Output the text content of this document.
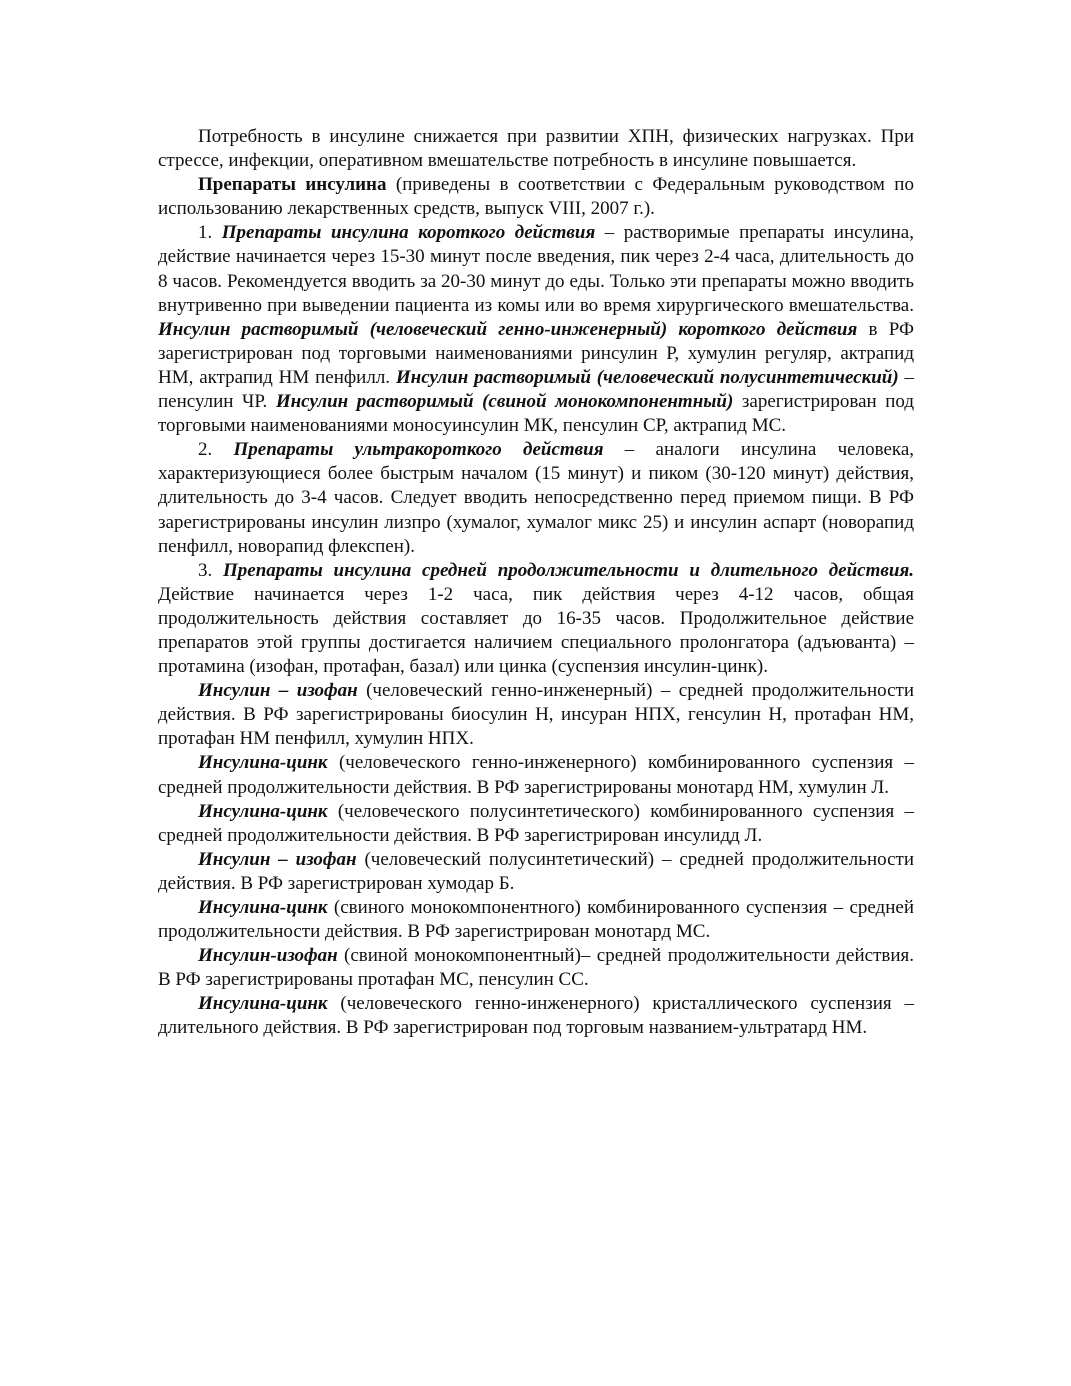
Потребность в инсулине снижается при развитии ХПН, физических нагрузках. При стрессе, инфекции, оперативном вмешательстве потребность в инсулине повышается.

Препараты инсулина (приведены в соответствии с Федеральным руководством по использованию лекарственных средств, выпуск VIII, 2007 г.).

1. Препараты инсулина короткого действия – растворимые препараты инсулина, действие начинается через 15-30 минут после введения, пик через 2-4 часа, длительность до 8 часов. Рекомендуется вводить за 20-30 минут до еды. Только эти препараты можно вводить внутривенно при выведении пациента из комы или во время хирургического вмешательства. Инсулин растворимый (человеческий генно-инженерный) короткого действия в РФ зарегистрирован под торговыми наименованиями ринсулин Р, хумулин регуляр, актрапид НМ, актрапид НМ пенфилл. Инсулин растворимый (человеческий полусинтетический) – пенсулин ЧР. Инсулин растворимый (свиной монокомпонентный) зарегистрирован под торговыми наименованиями моносуинсулин МК, пенсулин СР, актрапид МС.

2. Препараты ультракороткого действия – аналоги инсулина человека, характеризующиеся более быстрым началом (15 минут) и пиком (30-120 минут) действия, длительность до 3-4 часов. Следует вводить непосредственно перед приемом пищи. В РФ зарегистрированы инсулин лизпро (хумалог, хумалог микс 25) и инсулин аспарт (новорапид пенфилл, новорапид флекспен).

3. Препараты инсулина средней продолжительности и длительного действия. Действие начинается через 1-2 часа, пик действия через 4-12 часов, общая продолжительность действия составляет до 16-35 часов. Продолжительное действие препаратов этой группы достигается наличием специального пролонгатора (адъюванта) – протамина (изофан, протафан, базал) или цинка (суспензия инсулин-цинк).

Инсулин – изофан (человеческий генно-инженерный) – средней продолжительности действия. В РФ зарегистрированы биосулин Н, инсуран НПХ, генсулин Н, протафан НМ, протафан НМ пенфилл, хумулин НПХ.

Инсулина-цинк (человеческого генно-инженерного) комбинированного суспензия – средней продолжительности действия. В РФ зарегистрированы монотард НМ, хумулин Л.

Инсулина-цинк (человеческого полусинтетического) комбинированного суспензия – средней продолжительности действия. В РФ зарегистрирован инсулидд Л.

Инсулин – изофан (человеческий полусинтетический) – средней продолжительности действия. В РФ зарегистрирован хумодар Б.

Инсулина-цинк (свиного монокомпонентного) комбинированного суспензия – средней продолжительности действия. В РФ зарегистрирован монотард МС.

Инсулин-изофан (свиной монокомпонентный)– средней продолжительности действия. В РФ зарегистрированы протафан МС, пенсулин СС.

Инсулина-цинк (человеческого генно-инженерного) кристаллического суспензия – длительного действия. В РФ зарегистрирован под торговым названием-ультратард НМ.
